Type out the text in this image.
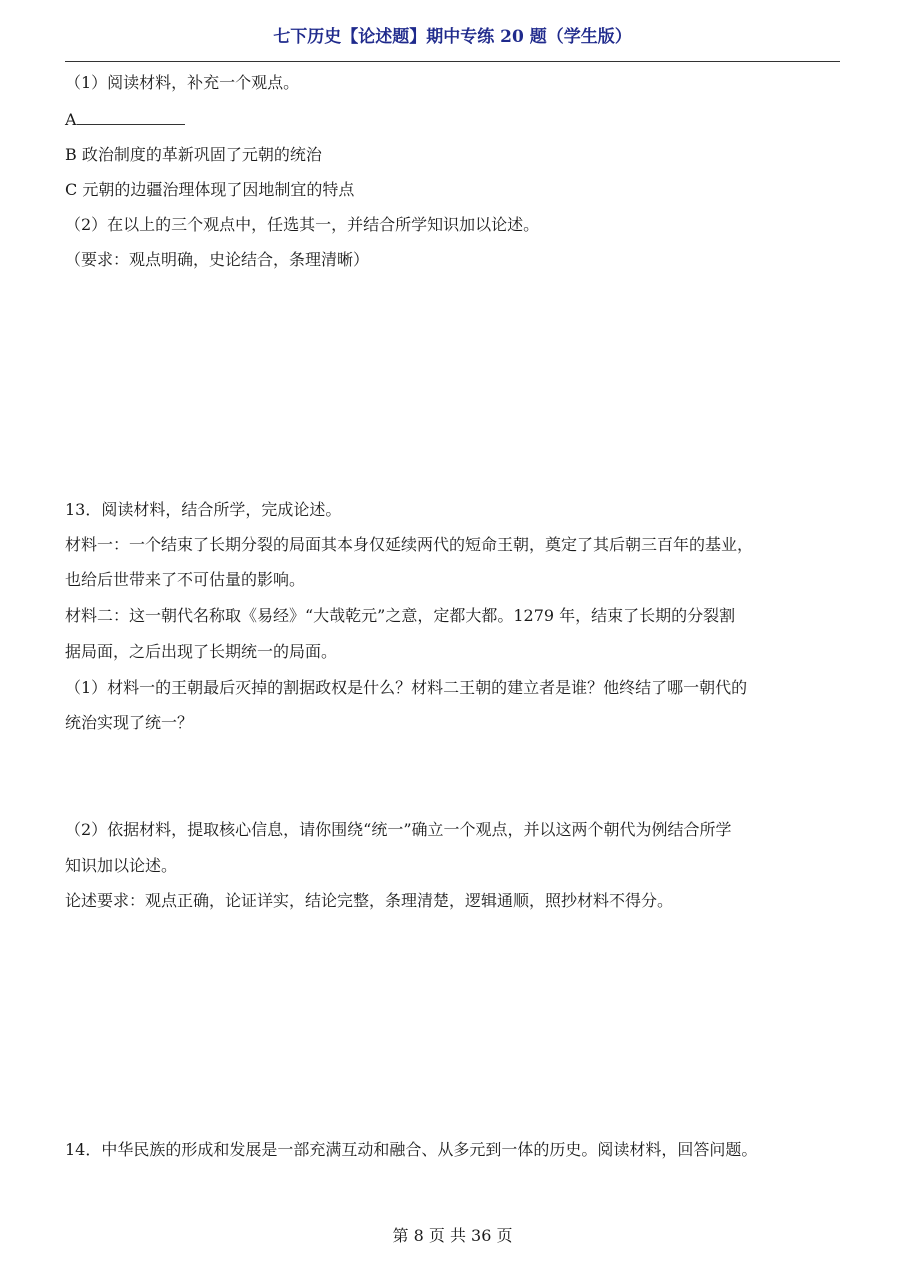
七下历史【论述题】期中专练 20 题（学生版）
（1）阅读材料，补充一个观点。
A
B 政治制度的革新巩固了元朝的统治
C 元朝的边疆治理体现了因地制宜的特点
（2）在以上的三个观点中，任选其一，并结合所学知识加以论述。
（要求：观点明确，史论结合，条理清晰）
13．阅读材料，结合所学，完成论述。
材料一：一个结束了长期分裂的局面其本身仅延续两代的短命王朝，奠定了其后朝三百年的基业，
也给后世带来了不可估量的影响。
材料二：这一朝代名称取《易经》“大哉乾元”之意，定都大都。1279 年，结束了长期的分裂割
据局面，之后出现了长期统一的局面。
（1）材料一的王朝最后灭掉的割据政权是什么？材料二王朝的建立者是谁？他终结了哪一朝代的
统治实现了统一？
（2）依据材料，提取核心信息，请你围绕“统一”确立一个观点，并以这两个朝代为例结合所学
知识加以论述。
论述要求：观点正确，论证详实，结论完整，条理清楚，逻辑通顺，照抄材料不得分。
14．中华民族的形成和发展是一部充满互动和融合、从多元到一体的历史。阅读材料，回答问题。
第 8 页 共 36 页
